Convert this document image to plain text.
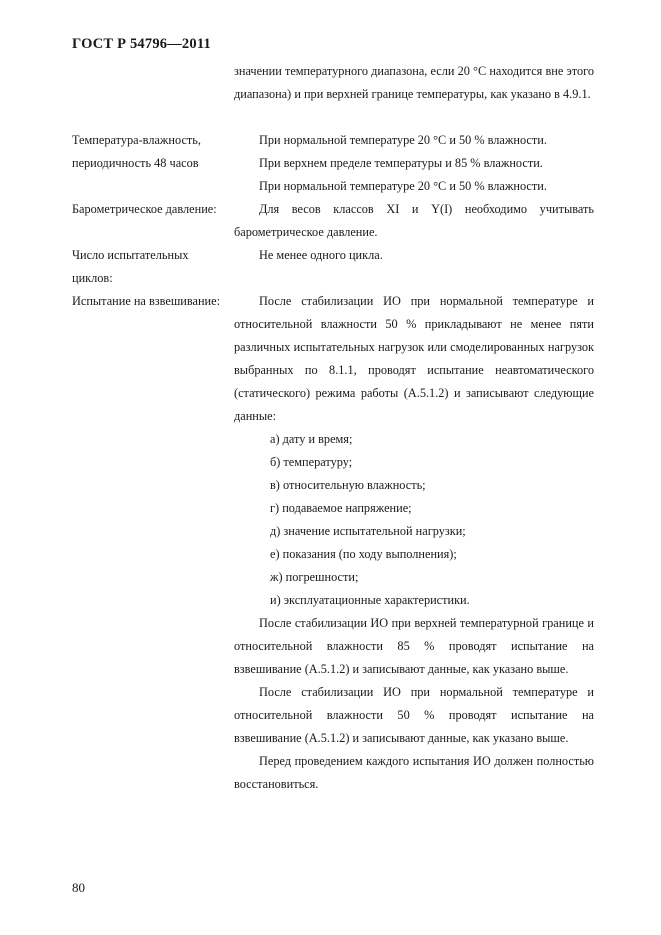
ГОСТ Р 54796—2011

значении температурного диапазона, если 20 °С находится вне этого диапазона) и при верхней границе температуры, как указано в 4.9.1.

Температура-влажность, периодичность 48 часов

При нормальной температуре 20 °С и 50 % влажности.

При верхнем пределе температуры и 85 % влажности.

При нормальной температуре 20 °С и 50 % влажности.

Барометрическое давление:	Для весов классов XI и Y(I) необходимо учитывать барометрическое давление.

Число испытательных циклов:

Не менее одного цикла.

Испытание на взвешивание:	После стабилизации ИО при нормальной температуре и относительной влажности 50 % прикладывают не менее пяти различных испытательных нагрузок или смоделированных нагрузок выбранных по 8.1.1, проводят испытание неавтоматического (статического) режима работы (А.5.1.2) и записывают следующие данные:

а) дату и время;
б) температуру;
в) относительную влажность;
г) подаваемое напряжение;
д) значение испытательной нагрузки;
е) показания (по ходу выполнения);
ж) погрешности;
и) эксплуатационные характеристики.

После стабилизации ИО при верхней температурной границе и относительной влажности 85 % проводят испытание на взвешивание (А.5.1.2) и записывают данные, как указано выше.

После стабилизации ИО при нормальной температуре и относительной влажности 50 % проводят испытание на взвешивание (А.5.1.2) и записывают данные, как указано выше.

Перед проведением каждого испытания ИО должен полностью восстановиться.

80
